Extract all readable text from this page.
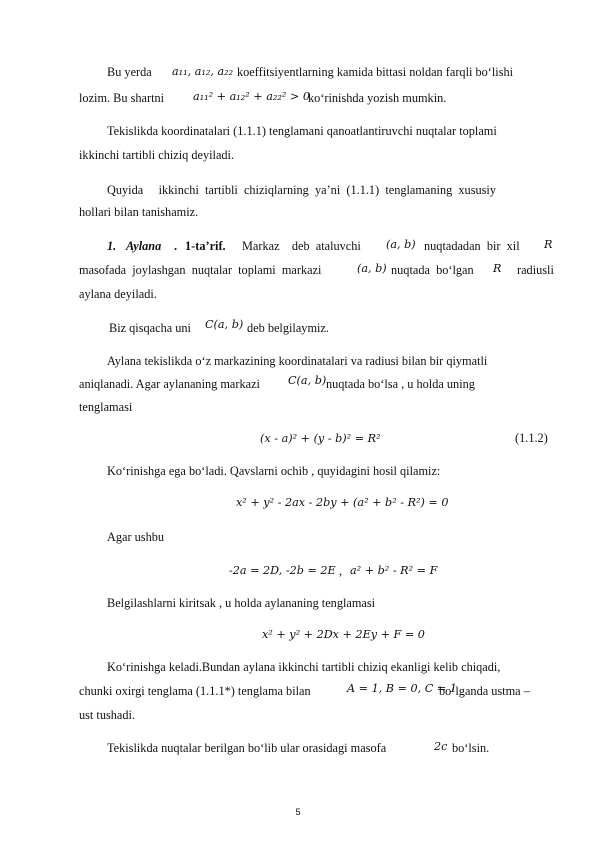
Bu yerda a₁₁, a₁₂, a₂₂ koeffitsiyentlarning kamida bittasi noldan farqli bo‘lishi
lozim. Bu shartni	a₁₁² + a₁₂² + a₂₂² > 0
ko‘rinishda yozish mumkin.
Tekislikda koordinatalari (1.1.1) tenglamani qanoatlantiruvchi nuqtalar toplami
ikkinchi tartibli chiziq deyiladi.
Quyida     ikkinchi  tartibli  chiziqlarning  ya’ni  (1.1.1)  tenglamaning  xususiy
hollari bilan tanishamiz.
1. Aylana . 1-ta’rif. Markaz    deb  ataluvchi (a, b) nuqtadadan  bir  xil R
masofada  joylashgan  nuqtalar  toplami  markazi	(a, b) nuqtada  bo‘lgan R radiusli
aylana deyiladi.
Biz qisqacha uni C(a, b) deb belgilaymiz.
Aylana tekislikda o‘z markazining koordinatalari va radiusi bilan bir qiymatli
aniqlanadi. Agar aylananing markazi	C(a, b) nuqtada bo‘lsa , u holda uning
tenglamasi
(x - a)² + (y - b)² = R²	(1.1.2)
Ko‘rinishga ega bo‘ladi. Qavslarni ochib , quyidagini hosil qilamiz:
x² + y² - 2ax - 2by + (a² + b² - R²) = 0
Agar ushbu
-2a = 2D, -2b = 2E , a² + b² - R² = F
Belgilashlarni kiritsak , u holda aylananing tenglamasi
x² + y² + 2Dx + 2Ey + F = 0
Ko‘rinishga keladi.Bundan aylana ikkinchi tartibli chiziq ekanligi kelib chiqadi,
chunki oxirgi tenglama (1.1.1*) tenglama bilan	A = 1, B = 0, C = 1
bo‘lganda ustma –
ust tushadi.
Tekislikda nuqtalar berilgan bo‘lib ular orasidagi masofa	2c bo‘lsin.
5
